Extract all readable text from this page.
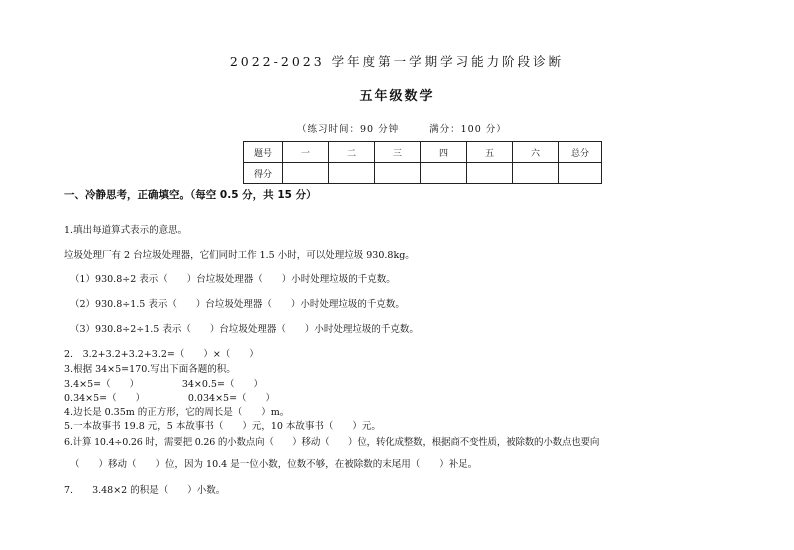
2022-2023 学年度第一学期学习能力阶段诊断
五年级数学
（练习时间：90 分钟	满分：100 分）
题号	一	二	三	四	五	六	总分
得分							
一、冷静思考，正确填空。（每空 0.5 分，共 15 分）
1.填出每道算式表示的意思。
垃圾处理厂有 2 台垃圾处理器，它们同时工作 1.5 小时，可以处理垃圾 930.8kg。
（1）930.8÷2 表示（　　）台垃圾处理器（　　）小时处理垃圾的千克数。
（2）930.8÷1.5 表示（　　）台垃圾处理器（　　）小时处理垃圾的千克数。
（3）930.8÷2÷1.5 表示（　　）台垃圾处理器（　　）小时处理垃圾的千克数。
2.　3.2+3.2+3.2+3.2=（　　）×（　　）
3.根据 34×5=170.写出下面各题的积。
3.4×5=（　　）　　　　　34×0.5=（　　）
0.34×5=（　　）　　　　　0.034×5=（　　）
4.边长是 0.35m 的正方形，它的周长是（　　）m。
5.一本故事书 19.8 元，5 本故事书（　　）元，10 本故事书（　　）元。
6.计算 10.4÷0.26 时，需要把 0.26 的小数点向（　　）移动（　　）位，转化成整数，根据商不变性质，被除数的小数点也要向
（　　）移动（　　）位，因为 10.4 是一位小数，位数不够，在被除数的末尾用（　　）补足。
7.　　3.48×2 的积是（　　）小数。
